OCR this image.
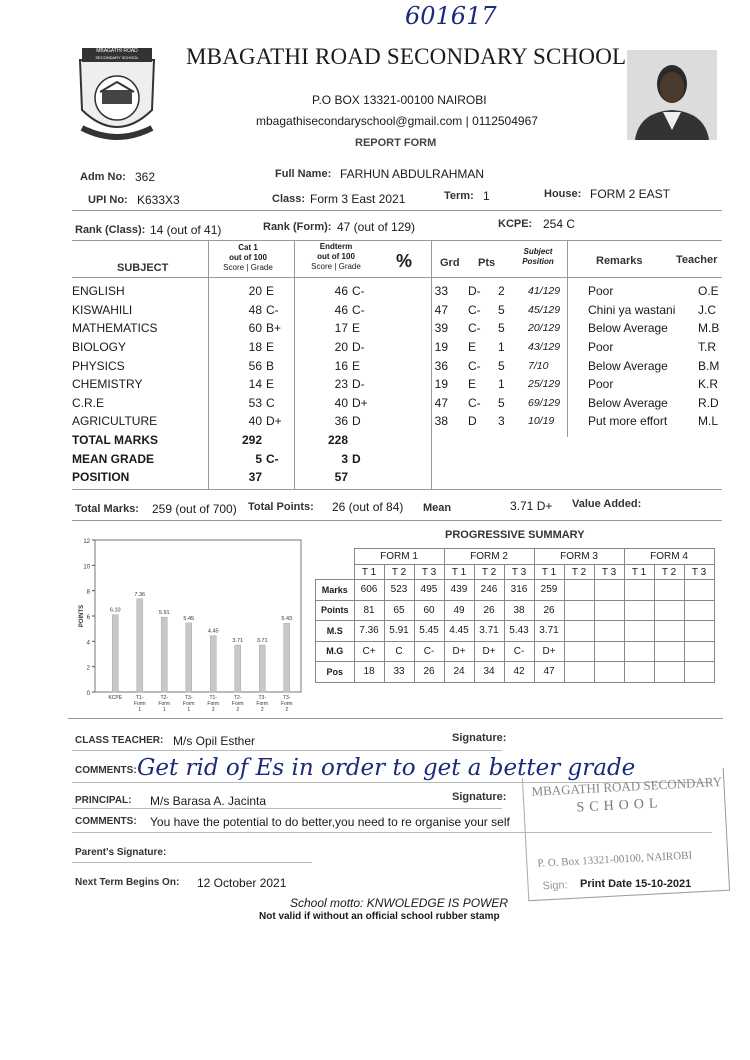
601617
MBAGATHI ROAD
SECONDARY SCHOOL	MBAGATHI ROAD SECONDARY SCHOOL
P.O BOX 13321-00100 NAIROBI
mbagathisecondaryschool@gmail.com | 0112504967
REPORT FORM
Adm No: 362	Full Name: FARHUN ABDULRAHMAN
UPI No: K633X3	Class: Form 3 East 2021	Term: 1	House: FORM 2 EAST
Rank (Class): 14 (out of 41)	Rank (Form): 47 (out of 129)	KCPE: 254 C
SUBJECT
Cat 1
out of 100
Score | Grade
Endterm
out of 100
Score | Grade	%	Grd Pts
Subject Position	Remarks	Teacher
ENGLISH	20	E	46	C-	33	D-	2	41/129	Poor	O.E
KISWAHILI	48	C-	46	C-	47	C-	5	45/129	Chini ya wastani	J.C
MATHEMATICS	60	B+	17	E	39	C-	5	20/129	Below Average	M.B
BIOLOGY	18	E	20	D-	19	E	1	43/129	Poor	T.R
PHYSICS	56	B	16	E	36	C-	5	7/10	Below Average	B.M
CHEMISTRY	14	E	23	D-	19	E	1	25/129	Poor	K.R
C.R.E	53	C	40	D+	47	C-	5	69/129	Below Average	R.D
AGRICULTURE	40	D+	36	D	38	D	3	10/19	Put more effort	M.L
TOTAL MARKS	292		228							
MEAN GRADE	5	C-	3	D						
POSITION	37		57							
Total Marks: 259 (out of 700) Total Points: 26 (out of 84) Mean	3.71 D+ Value Added:
0
2
4
6
8
10
12
POINTS	6.10
KCPE
7.36
T1-
Form
1
5.91
T2-
Form
1
5.45
T3-
Form
1
4.45
T1-
Form
2
3.71
T2-
Form
2
3.71
T3-
Form
2
5.43
T3-
Form
2
PROGRESSIVE SUMMARY
	FORM 1			FORM 2			FORM 3			FORM 4		
	T 1	T 2	T 3	T 1	T 2	T 3	T 1	T 2	T 3	T 1	T 2	T 3
Marks	606	523	495	439	246	316	259					
Points	81	65	60	49	26	38	26					
M.S	7.36	5.91	5.45	4.45	3.71	5.43	3.71					
M.G	C+	C	C-	D+	D+	C-	D+					
Pos	18	33	26	24	34	42	47					
CLASS TEACHER: M/s Opil Esther	Signature:
COMMENTS: Get rid of Es in order to get a better grade
PRINCIPAL: M/s Barasa A. Jacinta	Signature:
COMMENTS: You have the potential to do better,you need to re organise your self
Parent's Signature:
Next Term Begins On: 12 October 2021
School motto: KNWOLEDGE IS POWER
Not valid if without an official school rubber stamp
MBAGATHI ROAD SECONDARY
SCHOOL
P. O. Box 13321-00100, NAIROBI
Sign: Print Date 15-10-2021
